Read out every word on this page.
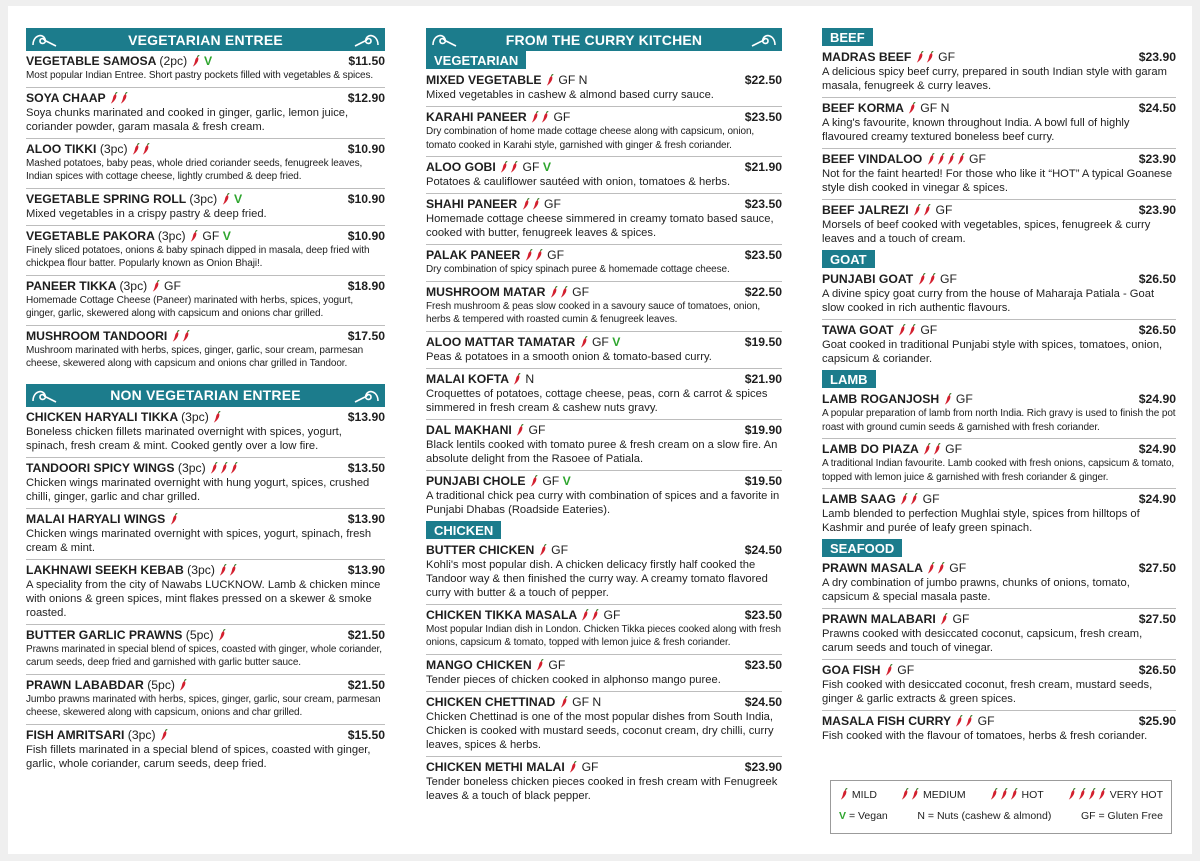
VEGETARIAN ENTREE
VEGETABLE SAMOSA (2pc) V	$11.50
Most popular Indian Entree. Short pastry pockets filled with vegetables & spices.
SOYA CHAAP	$12.90
Soya chunks marinated and cooked in ginger, garlic, lemon juice, coriander powder, garam masala & fresh cream.
ALOO TIKKI (3pc)	$10.90
Mashed potatoes, baby peas, whole dried coriander seeds, fenugreek leaves, Indian spices with cottage cheese, lightly crumbed & deep fried.
VEGETABLE SPRING ROLL (3pc) V	$10.90
Mixed vegetables in a crispy pastry & deep fried.
VEGETABLE PAKORA (3pc) GF V	$10.90
Finely sliced potatoes, onions & baby spinach dipped in masala, deep fried with chickpea flour batter. Popularly known as Onion Bhaji!.
PANEER TIKKA (3pc) GF	$18.90
Homemade Cottage Cheese (Paneer) marinated with herbs, spices, yogurt, ginger, garlic, skewered along with capsicum and onions char grilled.
MUSHROOM TANDOORI	$17.50
Mushroom marinated with herbs, spices, ginger, garlic, sour cream, parmesan cheese, skewered along with capsicum and onions char grilled in Tandoor.
NON VEGETARIAN ENTREE
CHICKEN HARYALI TIKKA (3pc)	$13.90
Boneless chicken fillets marinated overnight with spices, yogurt, spinach, fresh cream & mint. Cooked gently over a low fire.
TANDOORI SPICY WINGS (3pc)	$13.50
Chicken wings marinated overnight with hung yogurt, spices, crushed chilli, ginger, garlic and char grilled.
MALAI HARYALI WINGS	$13.90
Chicken wings marinated overnight with spices, yogurt, spinach, fresh cream & mint.
LAKHNAWI SEEKH KEBAB (3pc)	$13.90
A speciality from the city of Nawabs LUCKNOW. Lamb & chicken mince with onions & green spices, mint flakes pressed on a skewer & smoke roasted.
BUTTER GARLIC PRAWNS (5pc)	$21.50
Prawns marinated in special blend of spices, coasted with ginger, whole coriander, carum seeds, deep fried and garnished with garlic butter sauce.
PRAWN LABABDAR (5pc)	$21.50
Jumbo prawns marinated with herbs, spices, ginger, garlic, sour cream, parmesan cheese, skewered along with capsicum, onions and char grilled.
FISH AMRITSARI (3pc)	$15.50
Fish fillets marinated in a special blend of spices, coasted with ginger, garlic, whole coriander, carum seeds, deep fried.
FROM THE CURRY KITCHEN
VEGETARIAN
MIXED VEGETABLE GF N	$22.50
Mixed vegetables in cashew & almond based curry sauce.
KARAHI PANEER GF	$23.50
Dry combination of home made cottage cheese along with capsicum, onion, tomato cooked in Karahi style, garnished with ginger & fresh coriander.
ALOO GOBI GF V	$21.90
Potatoes & cauliflower sautéed with onion, tomatoes & herbs.
SHAHI PANEER GF	$23.50
Homemade cottage cheese simmered in creamy tomato based sauce, cooked with butter, fenugreek leaves & spices.
PALAK PANEER GF	$23.50
Dry combination of spicy spinach puree & homemade cottage cheese.
MUSHROOM MATAR GF	$22.50
Fresh mushroom & peas slow cooked in a savoury sauce of tomatoes, onion, herbs & tempered with roasted cumin & fenugreek leaves.
ALOO MATTAR TAMATAR GF V	$19.50
Peas & potatoes in a smooth onion & tomato-based curry.
MALAI KOFTA N	$21.90
Croquettes of potatoes, cottage cheese, peas, corn & carrot & spices simmered in fresh cream & cashew nuts gravy.
DAL MAKHANI GF	$19.90
Black lentils cooked with tomato puree & fresh cream on a slow fire. An absolute delight from the Rasoee of Patiala.
PUNJABI CHOLE GF V	$19.50
A traditional chick pea curry with combination of spices and a favorite in Punjabi Dhabas (Roadside Eateries).
CHICKEN
BUTTER CHICKEN GF	$24.50
Kohli's most popular dish. A chicken delicacy firstly half cooked the Tandoor way & then finished the curry way. A creamy tomato flavored curry with butter & a touch of pepper.
CHICKEN TIKKA MASALA GF	$23.50
Most popular Indian dish in London. Chicken Tikka pieces cooked along with fresh onions, capsicum & tomato, topped with lemon juice & fresh coriander.
MANGO CHICKEN GF	$23.50
Tender pieces of chicken cooked in alphonso mango puree.
CHICKEN CHETTINAD GF N	$24.50
Chicken Chettinad is one of the most popular dishes from South India, Chicken is cooked with mustard seeds, coconut cream, dry chilli, curry leaves, spices & herbs.
CHICKEN METHI MALAI GF	$23.90
Tender boneless chicken pieces cooked in fresh cream with Fenugreek leaves & a touch of black pepper.
BEEF
MADRAS BEEF GF	$23.90
A delicious spicy beef curry, prepared in south Indian style with garam masala, fenugreek & curry leaves.
BEEF KORMA GF N	$24.50
A king's favourite, known throughout India. A bowl full of highly flavoured creamy textured boneless beef curry.
BEEF VINDALOO	GF	$23.90
Not for the faint hearted! For those who like it “HOT” A typical Goanese style dish cooked in vinegar & spices.
BEEF JALREZI GF	$23.90
Morsels of beef cooked with vegetables, spices, fenugreek & curry leaves and a touch of cream.
GOAT
PUNJABI GOAT GF	$26.50
A divine spicy goat curry from the house of Maharaja Patiala - Goat slow cooked in rich authentic flavours.
TAWA GOAT GF	$26.50
Goat cooked in traditional Punjabi style with spices, tomatoes, onion, capsicum & coriander.
LAMB
LAMB ROGANJOSH GF	$24.90
A popular preparation of lamb from north India. Rich gravy is used to finish the pot roast with ground cumin seeds & garnished with fresh coriander.
LAMB DO PIAZA GF	$24.90
A traditional Indian favourite. Lamb cooked with fresh onions, capsicum & tomato, topped with lemon juice & garnished with fresh coriander & ginger.
LAMB SAAG GF	$24.90
Lamb blended to perfection Mughlai style, spices from hilltops of Kashmir and purée of leafy green spinach.
SEAFOOD
PRAWN MASALA GF	$27.50
A dry combination of jumbo prawns, chunks of onions, tomato, capsicum & special masala paste.
PRAWN MALABARI GF	$27.50
Prawns cooked with desiccated coconut, capsicum, fresh cream, carum seeds and touch of vinegar.
GOA FISH GF	$26.50
Fish cooked with desiccated coconut, fresh cream, mustard seeds, ginger & garlic extracts & green spices.
MASALA FISH CURRY GF	$25.90
Fish cooked with the flavour of tomatoes, herbs & fresh coriander.
MILD	MEDIUM	HOT	VERY HOT
V = Vegan	N = Nuts (cashew & almond)	GF = Gluten Free
